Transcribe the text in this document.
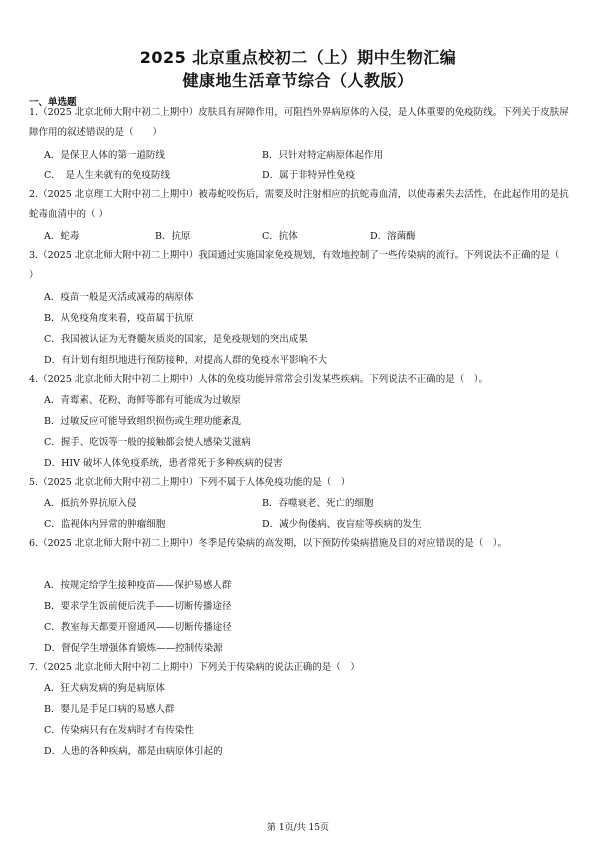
2025 北京重点校初二（上）期中生物汇编
健康地生活章节综合（人教版）
一、单选题
1.（2025 北京北师大附中初二上期中）皮肤具有屏障作用，可阻挡外界病原体的入侵，是人体重要的免疫防线。下列关于皮肤屏障作用的叙述错误的是（　　）
A．是保卫人体的第一道防线	B．只针对特定病原体起作用
C．　是人生来就有的免疫防线	D．属于非特异性免疫
2.（2025 北京理工大附中初二上期中）被毒蛇咬伤后，需要及时注射相应的抗蛇毒血清，以使毒素失去活性，在此起作用的是抗蛇毒血清中的（ ）
A．蛇毒	B．抗原	C．抗体	D．溶菌酶
3.（2025 北京北师大附中初二上期中）我国通过实施国家免疫规划，有效地控制了一些传染病的流行。下列说法不正确的是（　　）
A．疫苗一般是灭活或减毒的病原体
B．从免疫角度来看，疫苗属于抗原
C．我国被认证为无脊髓灰质炎的国家，是免疫规划的突出成果
D．有计划有组织地进行预防接种，对提高人群的免疫水平影响不大
4.（2025 北京北师大附中初二上期中）人体的免疫功能异常常会引发某些疾病。下列说法不正确的是（　）。
A．青霉素、花粉、海鲜等都有可能成为过敏原
B．过敏反应可能导致组织损伤或生理功能紊乱
C．握手、吃饭等一般的接触都会使人感染艾滋病
D．HIV 破坏人体免疫系统，患者常死于多种疾病的侵害
5.（2025 北京北师大附中初二上期中）下列不属于人体免疫功能的是（　）
A．抵抗外界抗原入侵	B．吞噬衰老、死亡的细胞
C．监视体内异常的肿瘤细胞	D．减少佝偻病、夜盲症等疾病的发生
6.（2025 北京北师大附中初二上期中）冬季是传染病的高发期，以下预防传染病措施及目的对应错误的是（　）。
A．按规定给学生接种疫苗——保护易感人群
B．要求学生饭前便后洗手——切断传播途径
C．教室每天都要开窗通风——切断传播途径
D．督促学生增强体育锻炼——控制传染源
7.（2025 北京北师大附中初二上期中）下列关于传染病的说法正确的是（　）
A．狂犬病发病的狗是病原体
B．婴儿是手足口病的易感人群
C．传染病只有在发病时才有传染性
D．人患的各种疾病，都是由病原体引起的
第 1页/共 15页
